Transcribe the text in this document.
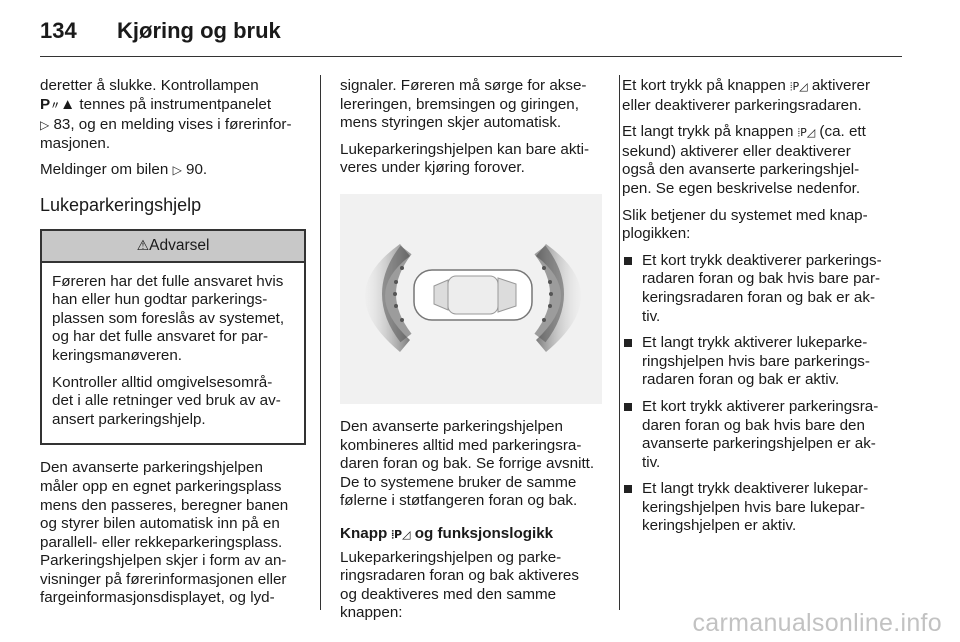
134 Kjøring og bruk

deretter å slukke. Kontrollampen
P〃▲ tennes på instrumentpanelet
▷ 83, og en melding vises i førerinfor-
masjonen.

Meldinger om bilen ▷ 90.

Lukeparkeringshjelp
⚠Advarsel

Føreren har det fulle ansvaret hvis
han eller hun godtar parkerings-
plassen som foreslås av systemet,
og har det fulle ansvaret for par-
keringsmanøveren.

Kontroller alltid omgivelsesområ-
det i alle retninger ved bruk av av-
ansert parkeringshjelp.

Den avanserte parkeringshjelpen
måler opp en egnet parkeringsplass
mens den passeres, beregner banen
og styrer bilen automatisk inn på en
parallell- eller rekkeparkeringsplass.
Parkeringshjelpen skjer i form av an-
visninger på førerinformasjonen eller
fargeinformasjonsdisplayet, og lyd-

signaler. Føreren må sørge for akse-
lereringen, bremsingen og giringen,
mens styringen skjer automatisk.

Lukeparkeringshjelpen kan bare akti-
veres under kjøring forover.

Den avanserte parkeringshjelpen
kombineres alltid med parkeringsra-
daren foran og bak. Se forrige avsnitt.
De to systemene bruker de samme
følerne i støtfangeren foran og bak.

Knapp ⦙P◿ og funksjonslogikk

Lukeparkeringshjelpen og parke-
ringsradaren foran og bak aktiveres
og deaktiveres med den samme
knappen:

Et kort trykk på knappen ⦙P◿ aktiverer
eller deaktiverer parkeringsradaren.

Et langt trykk på knappen ⦙P◿ (ca. ett
sekund) aktiverer eller deaktiverer
også den avanserte parkeringshjel-
pen. Se egen beskrivelse nedenfor.

Slik betjener du systemet med knap-
plogikken:

Et kort trykk deaktiverer parkerings-
radaren foran og bak hvis bare par-
keringsradaren foran og bak er ak-
tiv.
Et langt trykk aktiverer lukeparke-
ringshjelpen hvis bare parkerings-
radaren foran og bak er aktiv.
Et kort trykk aktiverer parkeringsra-
daren foran og bak hvis bare den
avanserte parkeringshjelpen er ak-
tiv.
Et langt trykk deaktiverer lukepar-
keringshjelpen hvis bare lukepar-
keringshjelpen er aktiv.
carmanualsonline.info
